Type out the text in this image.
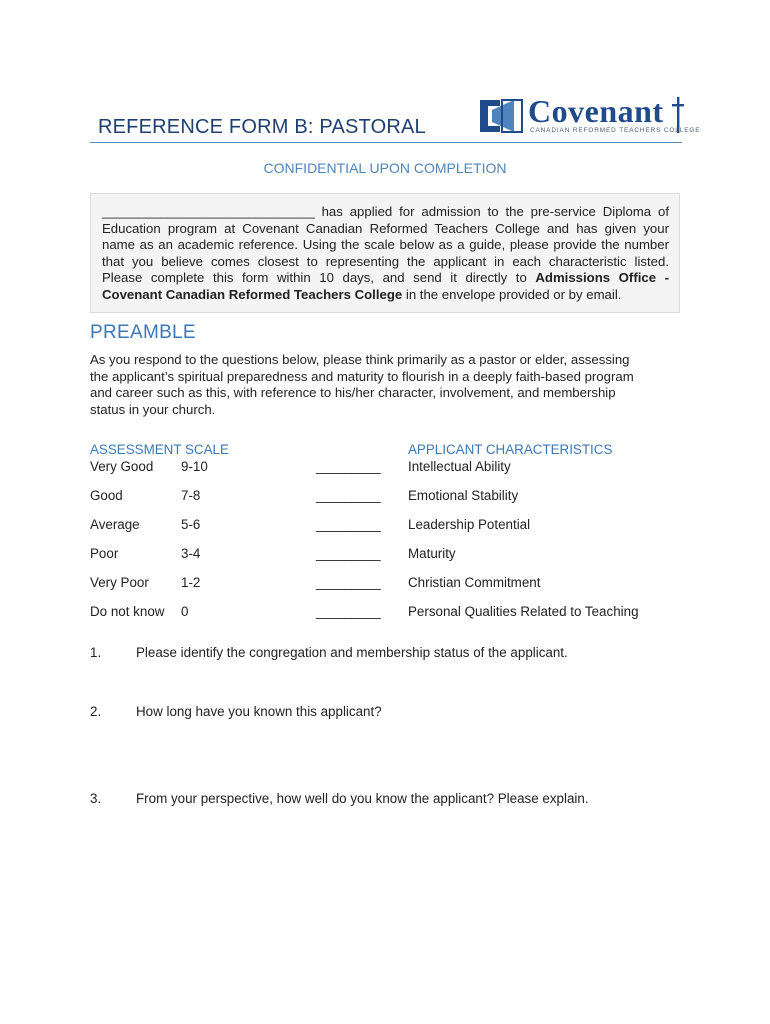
REFERENCE FORM B: PASTORAL	Covenant
CANADIAN REFORMED TEACHERS COLLEGE
CONFIDENTIAL UPON COMPLETION
_____________________________ has applied for admission to the pre-service Diploma of
Education program at Covenant Canadian Reformed Teachers College and has given your
name as an academic reference. Using the scale below as a guide, please provide the number
that you believe comes closest to representing the applicant in each characteristic listed.
Please complete this form within 10 days, and send it directly to Admissions Office -
Covenant Canadian Reformed Teachers College in the envelope provided or by email.
PREAMBLE
As you respond to the questions below, please think primarily as a pastor or elder, assessing
the applicant’s spiritual preparedness and maturity to flourish in a deeply faith-based program
and career such as this, with reference to his/her character, involvement, and membership
status in your church.
ASSESSMENT SCALE	APPLICANT CHARACTERISTICS
Very Good 9-10	_________ Intellectual Ability
Good	7-8	_________ Emotional Stability
Average	5-6	_________ Leadership Potential
Poor	3-4	_________ Maturity
Very Poor 1-2	_________ Christian Commitment
Do not know 0	_________ Personal Qualities Related to Teaching
1.	Please identify the congregation and membership status of the applicant.
2.	How long have you known this applicant?
3.	From your perspective, how well do you know the applicant? Please explain.
